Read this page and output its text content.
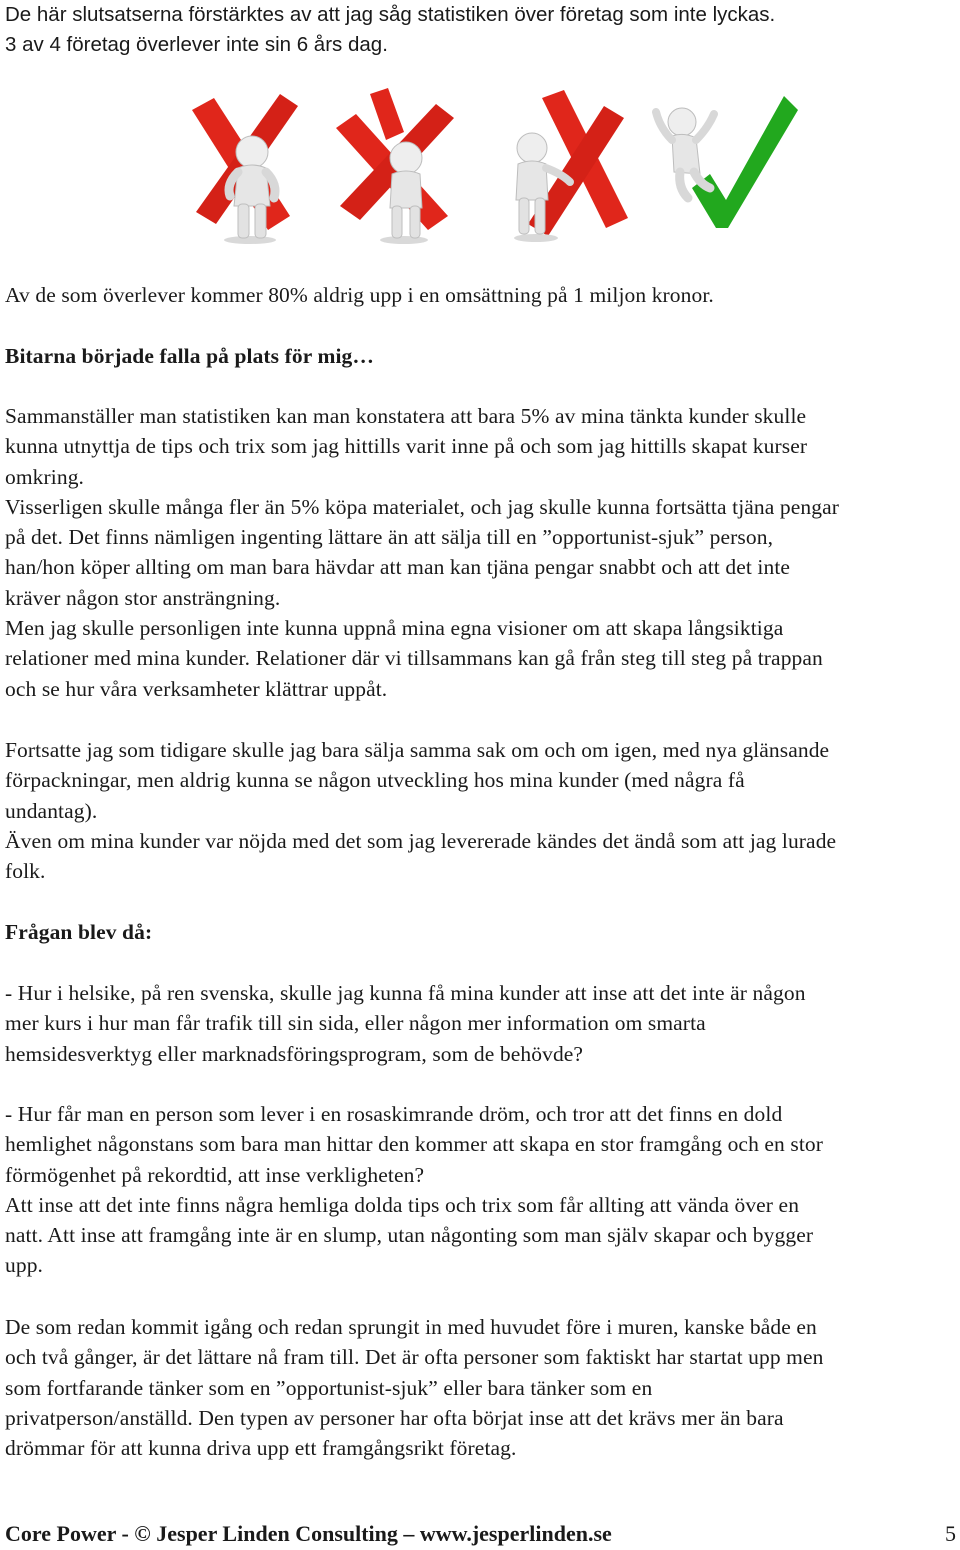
De här slutsatserna förstärktes av att jag såg statistiken över företag som inte lyckas.

3 av 4 företag överlever inte sin 6 års dag.

Av de som överlever kommer 80% aldrig upp i en omsättning på 1 miljon kronor.

Bitarna började falla på plats för mig…

Sammanställer man statistiken kan man konstatera att bara 5% av mina tänkta kunder skulle

kunna utnyttja de tips och trix som jag hittills varit inne på och som jag hittills skapat kurser

omkring.

Visserligen skulle många fler än 5% köpa materialet, och jag skulle kunna fortsätta tjäna pengar

på det. Det finns nämligen ingenting lättare än att sälja till en ”opportunist-sjuk” person,

han/hon köper allting om man bara hävdar att man kan tjäna pengar snabbt och att det inte

kräver någon stor ansträngning.

Men jag skulle personligen inte kunna uppnå mina egna visioner om att skapa långsiktiga

relationer med mina kunder. Relationer där vi tillsammans kan gå från steg till steg på trappan

och se hur våra verksamheter klättrar uppåt.

Fortsatte jag som tidigare skulle jag bara sälja samma sak om och om igen, med nya glänsande

förpackningar, men aldrig kunna se någon utveckling hos mina kunder (med några få

undantag).

Även om mina kunder var nöjda med det som jag levererade kändes det ändå som att jag lurade

folk.

Frågan blev då:

- Hur i helsike, på ren svenska, skulle jag kunna få mina kunder att inse att det inte är någon

mer kurs i hur man får trafik till sin sida, eller någon mer information om smarta

hemsidesverktyg eller marknadsföringsprogram, som de behövde?

- Hur får man en person som lever i en rosaskimrande dröm, och tror att det finns en dold

hemlighet någonstans som bara man hittar den kommer att skapa en stor framgång och en stor

förmögenhet på rekordtid, att inse verkligheten?

Att inse att det inte finns några hemliga dolda tips och trix som får allting att vända över en

natt. Att inse att framgång inte är en slump, utan någonting som man själv skapar och bygger

upp.

De som redan kommit igång och redan sprungit in med huvudet före i muren, kanske både en

och två gånger, är det lättare nå fram till. Det är ofta personer som faktiskt har startat upp men

som fortfarande tänker som en ”opportunist-sjuk” eller bara tänker som en

privatperson/anställd. Den typen av personer har ofta börjat inse att det krävs mer än bara

drömmar för att kunna driva upp ett framgångsrikt företag.

Core Power - © Jesper Linden Consulting – www.jesperlinden.se	5
